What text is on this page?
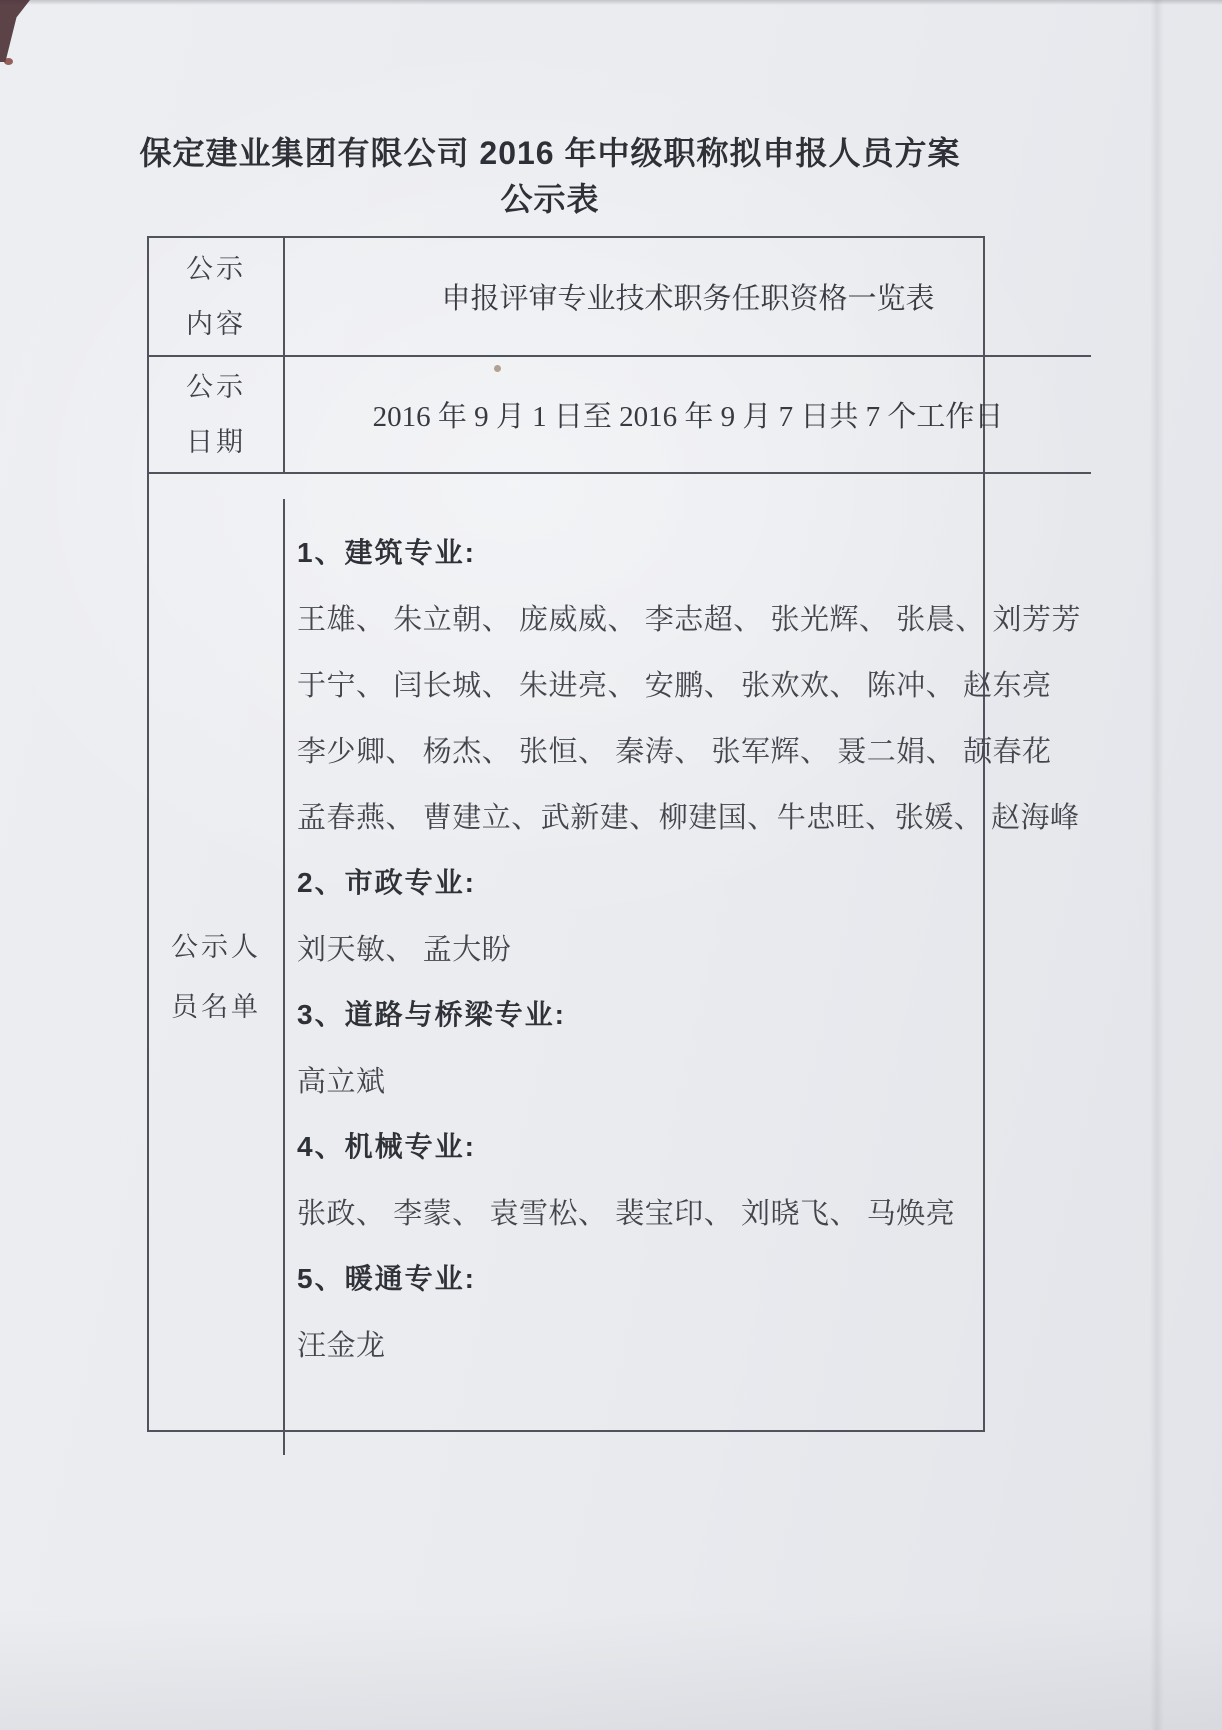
保定建业集团有限公司 2016 年中级职称拟申报人员方案公示表
公示
内容
申报评审专业技术职务任职资格一览表
公示
日期
2016 年 9 月 1 日至 2016 年 9 月 7 日共 7 个工作日
公示人
员名单
1、建筑专业:
王雄、 朱立朝、 庞威威、 李志超、 张光辉、 张晨、 刘芳芳
于宁、 闫长城、 朱进亮、 安鹏、 张欢欢、 陈冲、 赵东亮
李少卿、 杨杰、 张恒、 秦涛、 张军辉、 聂二娟、 颉春花
孟春燕、 曹建立、武新建、柳建国、牛忠旺、张媛、 赵海峰
2、市政专业:
刘天敏、 孟大盼
3、道路与桥梁专业:
高立斌
4、机械专业:
张政、 李蒙、 袁雪松、 裴宝印、 刘晓飞、 马焕亮
5、暖通专业:
汪金龙
